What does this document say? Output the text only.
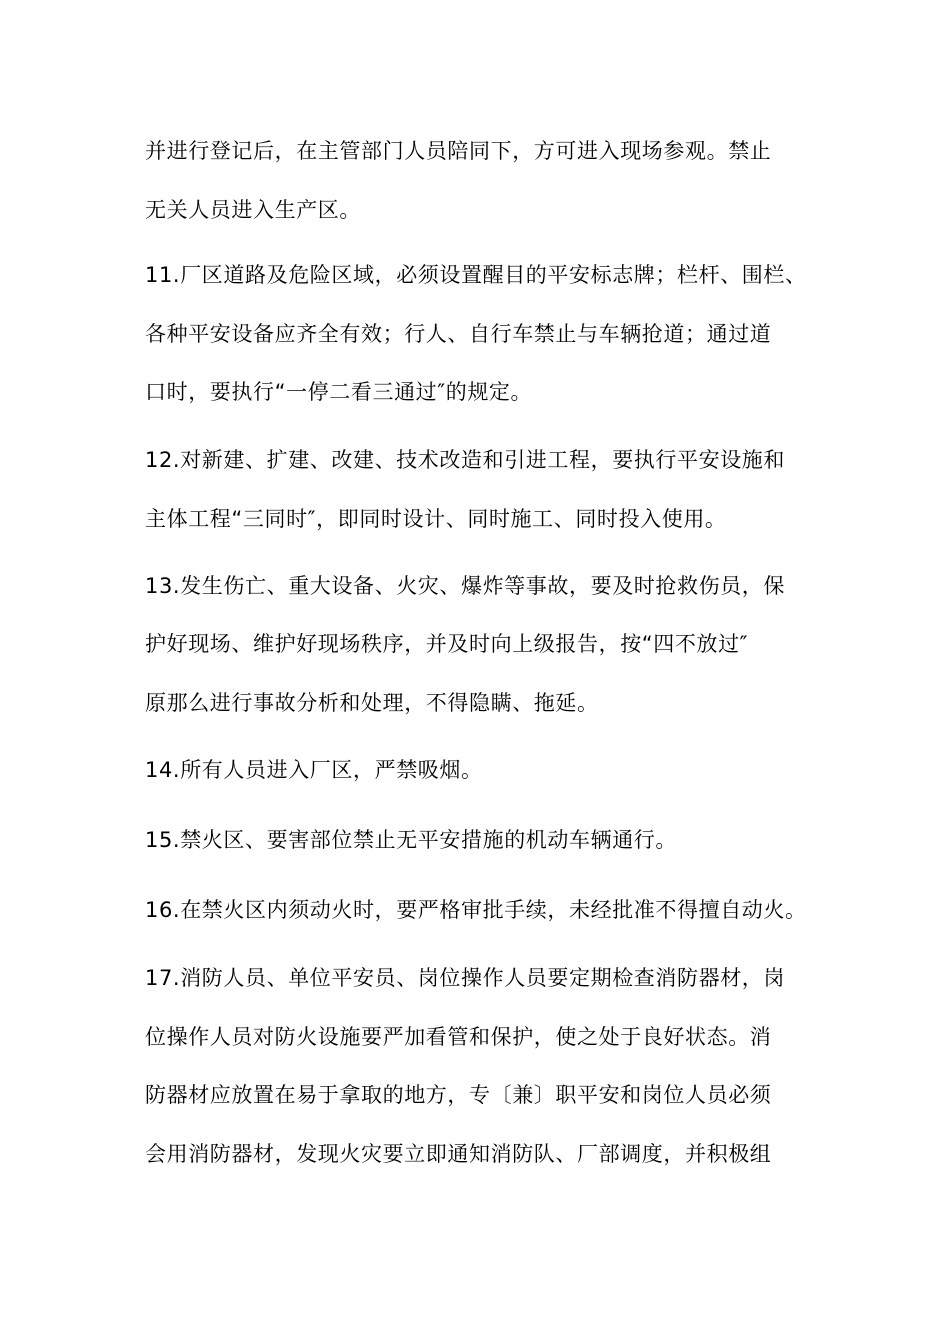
并进行登记后，在主管部门人员陪同下，方可进入现场参观。禁止
无关人员进入生产区。
11.厂区道路及危险区域，必须设置醒目的平安标志牌；栏杆、围栏、
各种平安设备应齐全有效；行人、自行车禁止与车辆抢道；通过道
口时，要执行“一停二看三通过″的规定。
12.对新建、扩建、改建、技术改造和引进工程，要执行平安设施和
主体工程“三同时″，即同时设计、同时施工、同时投入使用。
13.发生伤亡、重大设备、火灾、爆炸等事故，要及时抢救伤员，保
护好现场、维护好现场秩序，并及时向上级报告，按“四不放过″
原那么进行事故分析和处理，不得隐瞒、拖延。
14.所有人员进入厂区，严禁吸烟。
15.禁火区、要害部位禁止无平安措施的机动车辆通行。
16.在禁火区内须动火时，要严格审批手续，未经批准不得擅自动火。
17.消防人员、单位平安员、岗位操作人员要定期检查消防器材，岗
位操作人员对防火设施要严加看管和保护，使之处于良好状态。消
防器材应放置在易于拿取的地方，专〔兼〕职平安和岗位人员必须
会用消防器材，发现火灾要立即通知消防队、厂部调度，并积极组
